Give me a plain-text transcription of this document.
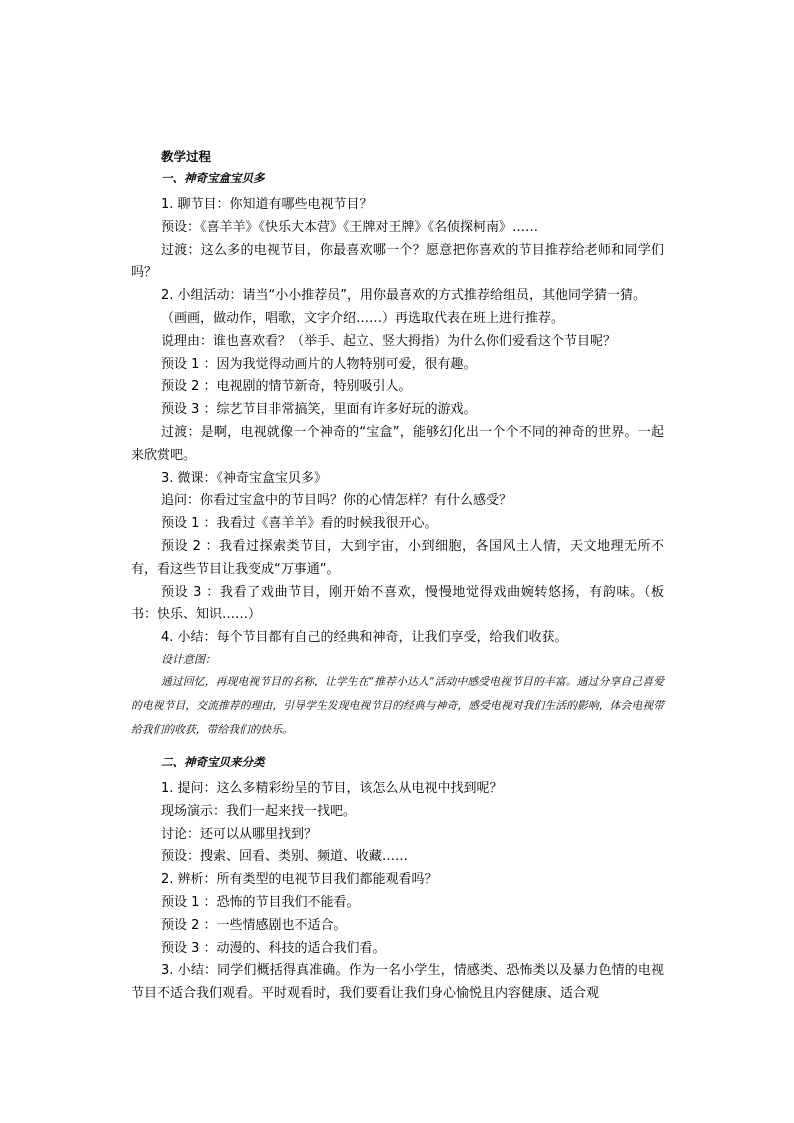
教学过程
一、神奇宝盒宝贝多

1. 聊节目：你知道有哪些电视节目？

预设：《喜羊羊》《快乐大本营》《王牌对王牌》《名侦探柯南》……

过渡：这么多的电视节目，你最喜欢哪一个？愿意把你喜欢的节目推荐给老师和同学们吗？

2. 小组活动：请当“小小推荐员”，用你最喜欢的方式推荐给组员，其他同学猜一猜。

（画画，做动作，唱歌，文字介绍……）再选取代表在班上进行推荐。

说理由：谁也喜欢看？（举手、起立、竖大拇指）为什么你们爱看这个节目呢？

预设 1 ：因为我觉得动画片的人物特别可爱，很有趣。

预设 2 ：电视剧的情节新奇，特别吸引人。

预设 3 ：综艺节目非常搞笑，里面有许多好玩的游戏。

过渡：是啊，电视就像一个神奇的“宝盒”，能够幻化出一个个不同的神奇的世界。一起来欣赏吧。

3. 微课：《神奇宝盒宝贝多》

追问：你看过宝盒中的节目吗？你的心情怎样？有什么感受？

预设 1 ：我看过《喜羊羊》看的时候我很开心。

预设 2 ：我看过探索类节目，大到宇宙，小到细胞，各国风土人情，天文地理无所不有，看这些节目让我变成“万事通”。

预设 3 ：我看了戏曲节目，刚开始不喜欢，慢慢地觉得戏曲婉转悠扬，有韵味。（板书：快乐、知识……）

4. 小结：每个节目都有自己的经典和神奇，让我们享受，给我们收获。

设计意图：

通过回忆，再现电视节目的名称，让学生在“推荐小达人”活动中感受电视节目的丰富。通过分享自己喜爱的电视节目，交流推荐的理由，引导学生发现电视节目的经典与神奇，感受电视对我们生活的影响，体会电视带给我们的收获，带给我们的快乐。

二、神奇宝贝来分类

1. 提问：这么多精彩纷呈的节目，该怎么从电视中找到呢？

现场演示：我们一起来找一找吧。

讨论：还可以从哪里找到？

预设：搜索、回看、类别、频道、收藏……

2. 辨析：所有类型的电视节目我们都能观看吗？

预设 1 ：恐怖的节目我们不能看。

预设 2 ：一些情感剧也不适合。

预设 3 ：动漫的、科技的适合我们看。

3. 小结：同学们概括得真准确。作为一名小学生，情感类、恐怖类以及暴力色情的电视节目不适合我们观看。平时观看时，我们要看让我们身心愉悦且内容健康、适合观
